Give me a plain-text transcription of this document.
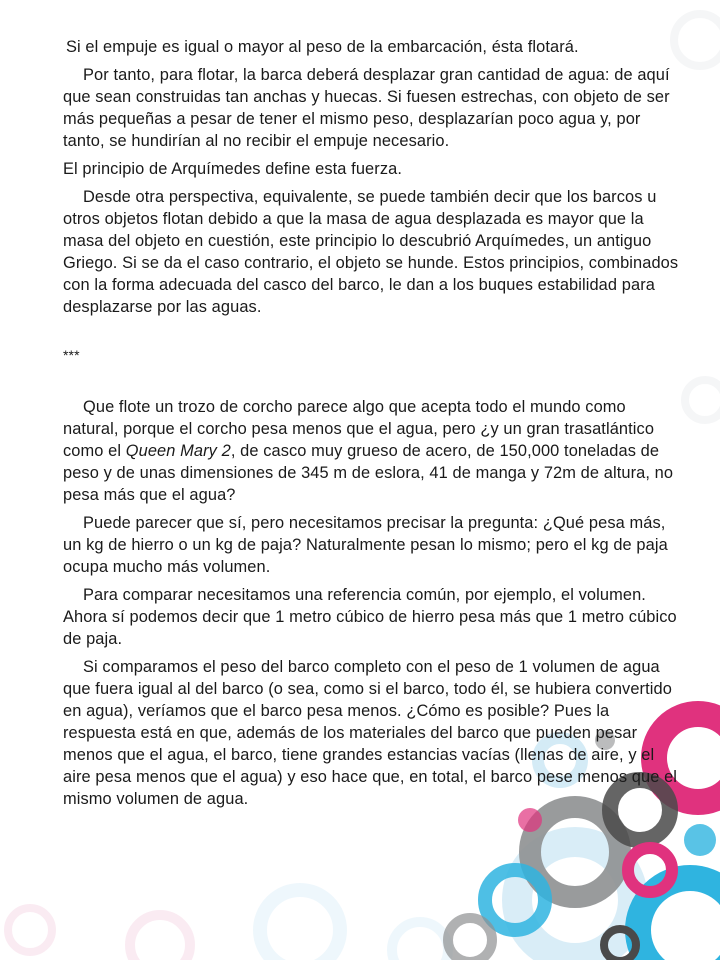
Si el empuje es igual o mayor al peso de la embarcación, ésta flotará.

Por tanto, para flotar, la barca deberá desplazar gran cantidad de agua: de aquí que sean construidas tan anchas y huecas. Si fuesen estrechas, con objeto de ser más pequeñas a pesar de tener el mismo peso, desplazarían poco agua y, por tanto, se hundirían al no recibir el empuje necesario.

El principio de Arquímedes define esta fuerza.

Desde otra perspectiva, equivalente, se puede también decir que los barcos u otros objetos flotan debido a que la masa de agua desplazada es mayor que la masa del objeto en cuestión, este principio lo descubrió Arquímedes, un antiguo Griego. Si se da el caso contrario, el objeto se hunde. Estos principios, combinados con la forma adecuada del casco del barco, le dan a los buques estabilidad para desplazarse por las aguas.

***

Que flote un trozo de corcho parece algo que acepta todo el mundo como natural, porque el corcho pesa menos que el agua, pero ¿y un gran trasatlántico como el Queen Mary 2, de casco muy grueso de acero, de 150,000 toneladas de peso y de unas dimensiones de 345 m de eslora, 41 de manga y 72m de altura, no pesa más que el agua?

Puede parecer que sí, pero necesitamos precisar la pregunta: ¿Qué pesa más, un kg de hierro o un kg de paja? Naturalmente pesan lo mismo; pero el kg de paja ocupa mucho más volumen.

Para comparar necesitamos una referencia común, por ejemplo, el volumen. Ahora sí podemos decir que 1 metro cúbico de hierro pesa más que 1 metro cúbico de paja.

Si comparamos el peso del barco completo con el peso de 1 volumen de agua que fuera igual al del barco (o sea, como si el barco, todo él, se hubiera convertido en agua), veríamos que el barco pesa menos. ¿Cómo es posible? Pues la respuesta está en que, además de los materiales del barco que pueden pesar menos que el agua, el barco, tiene grandes estancias vacías (llenas de aire, y el aire pesa menos que el agua) y eso hace que, en total, el barco pese menos que el mismo volumen de agua.
